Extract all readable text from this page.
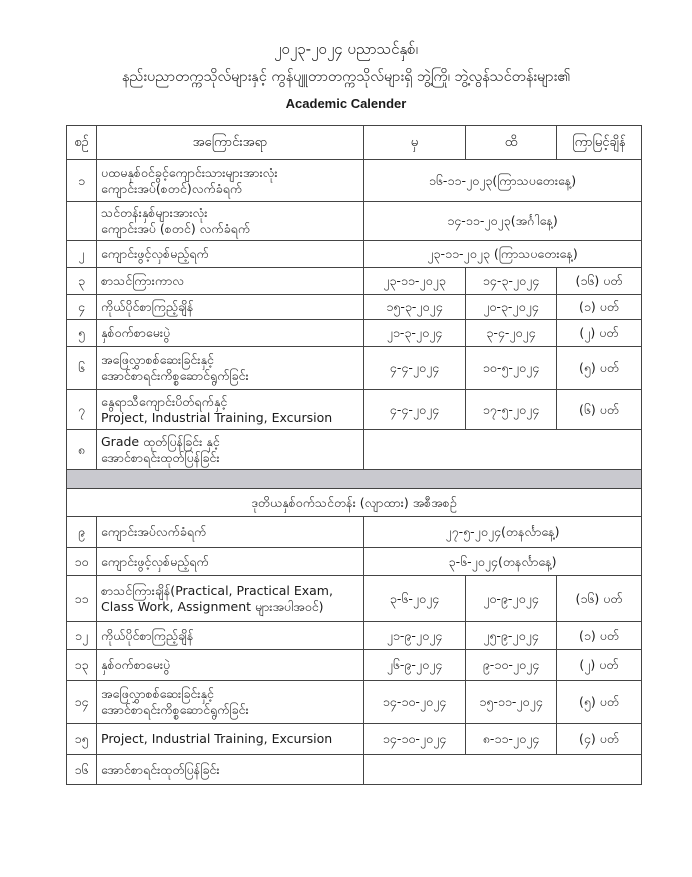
၂၀၂၃-၂၀၂၄ ပညာသင်နှစ်၊
နည်းပညာတက္ကသိုလ်များနှင့် ကွန်ပျူတာတက္ကသိုလ်များရှိ ဘွဲ့ကြို၊ ဘွဲ့လွန်သင်တန်းများ၏
Academic Calender
စဉ်	အကြောင်းအရာ	မှ	ထိ	ကြာမြင့်ချိန်
၁	ပထမနှစ်ဝင်ခွင့်ကျောင်းသားများအားလုံး
ကျောင်းအပ်(စတင်)လက်ခံရက်	၁၆-၁၁-၂၀၂၃(ကြာသပတေးနေ့)		

	သင်တန်းနှစ်များအားလုံး
ကျောင်းအပ် (စတင်) လက်ခံရက်	၁၄-၁၁-၂၀၂၃(အင်္ဂါနေ့)		
၂	ကျောင်းဖွင့်လှစ်မည့်ရက်	၂၃-၁၁-၂၀၂၃ (ကြာသပတေးနေ့)		
၃	စာသင်ကြားကာလ	၂၃-၁၁-၂၀၂၃	၁၄-၃-၂၀၂၄	(၁၆) ပတ်
၄	ကိုယ်ပိုင်စာကြည့်ချိန်	၁၅-၃-၂၀၂၄	၂၀-၃-၂၀၂၄	(၁) ပတ်
၅	နှစ်ဝက်စာမေးပွဲ	၂၁-၃-၂၀၂၄	၃-၄-၂၀၂၄	(၂) ပတ်
၆	အဖြေလွှာစစ်ဆေးခြင်းနှင့်
အောင်စာရင်းကိစ္စဆောင်ရွက်ခြင်း	၄-၄-၂၀၂၄	၁၀-၅-၂၀၂၄	(၅) ပတ်
၇	နွေရာသီကျောင်းပိတ်ရက်နှင့်
Project, Industrial Training, Excursion	၄-၄-၂၀၂၄	၁၇-၅-၂၀၂၄	(၆) ပတ်
၈	Grade ထုတ်ပြန်ခြင်း နှင့်
အောင်စာရင်းထုတ်ပြန်ခြင်း			

ဒုတိယနှစ်ဝက်သင်တန်း (လျာထား) အစီအစဉ်				
၉	ကျောင်းအပ်လက်ခံရက်	၂၇-၅-၂၀၂၄(တနင်္လာနေ့)		
၁၀	ကျောင်းဖွင့်လှစ်မည့်ရက်	၃-၆-၂၀၂၄(တနင်္လာနေ့)		
၁၁	စာသင်ကြားချိန်(Practical, Practical Exam,
Class Work, Assignment များအပါအဝင်)	၃-၆-၂၀၂၄	၂၀-၉-၂၀၂၄	(၁၆) ပတ်
၁၂	ကိုယ်ပိုင်စာကြည့်ချိန်	၂၁-၉-၂၀၂၄	၂၅-၉-၂၀၂၄	(၁) ပတ်
၁၃	နှစ်ဝက်စာမေးပွဲ	၂၆-၉-၂၀၂၄	၉-၁၀-၂၀၂၄	(၂) ပတ်
၁၄	အဖြေလွှာစစ်ဆေးခြင်းနှင့်
အောင်စာရင်းကိစ္စဆောင်ရွက်ခြင်း	၁၄-၁၀-၂၀၂၄	၁၅-၁၁-၂၀၂၄	(၅) ပတ်
၁၅	Project, Industrial Training, Excursion	၁၄-၁၀-၂၀၂၄	၈-၁၁-၂၀၂၄	(၄) ပတ်
၁၆	အောင်စာရင်းထုတ်ပြန်ခြင်း			
